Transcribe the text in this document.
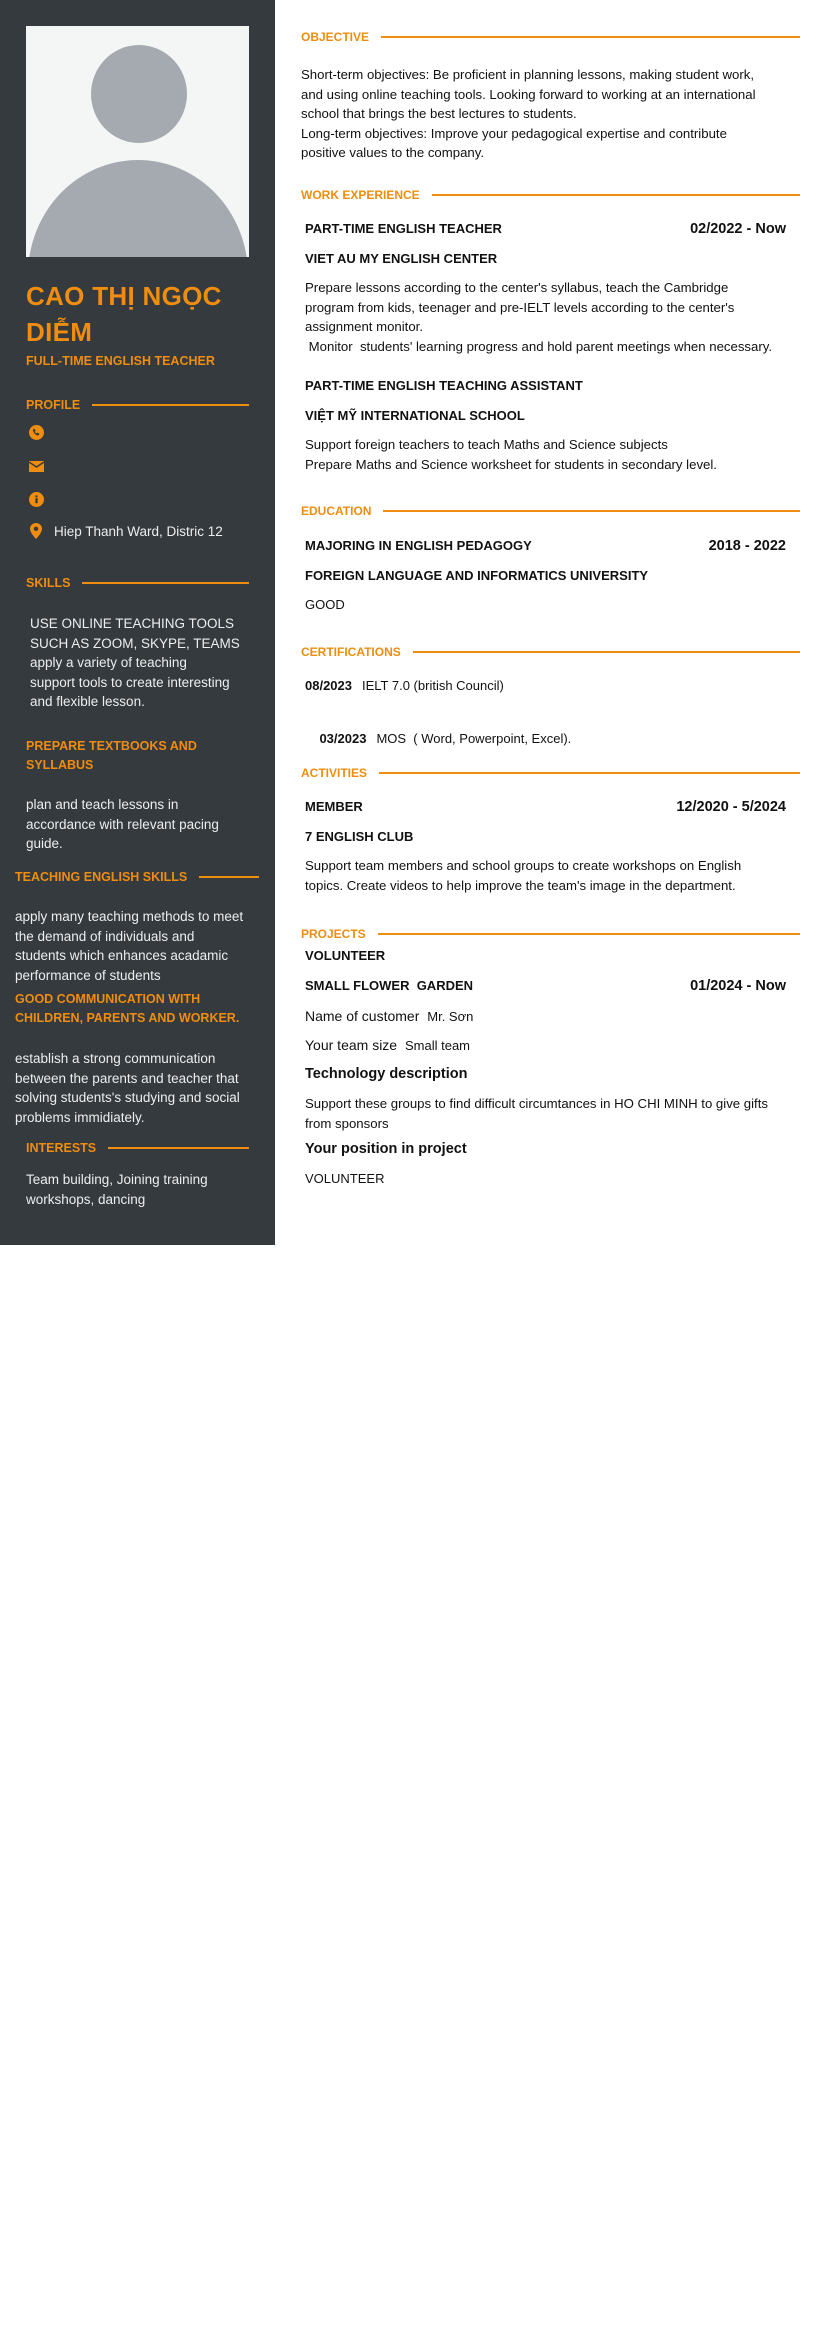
CAO THỊ NGỌC
DIỄM
FULL-TIME ENGLISH TEACHER
PROFILE
Hiep Thanh Ward, Distric 12
SKILLS
USE ONLINE TEACHING TOOLS
SUCH AS ZOOM, SKYPE, TEAMS
apply a variety of teaching
support tools to create interesting
and flexible lesson.
PREPARE TEXTBOOKS AND
SYLLABUS
plan and teach lessons in
accordance with relevant pacing
guide.
TEACHING ENGLISH SKILLS
apply many teaching methods to meet
the demand of individuals and
students which enhances acadamic
performance of students
GOOD COMMUNICATION WITH
CHILDREN, PARENTS AND WORKER.
establish a strong communication
between the parents and teacher that
solving students's studying and social
problems immidiately.
INTERESTS
Team building, Joining training
workshops, dancing
OBJECTIVE
Short-term objectives: Be proficient in planning lessons, making student work,
and using online teaching tools. Looking forward to working at an international
school that brings the best lectures to students.
Long-term objectives: Improve your pedagogical expertise and contribute
positive values to the company.
WORK EXPERIENCE
PART-TIME ENGLISH TEACHER	02/2022 - Now
VIET AU MY ENGLISH CENTER
Prepare lessons according to the center's syllabus, teach the Cambridge
program from kids, teenager and pre-IELT levels according to the center's
assignment monitor.
Monitor  students' learning progress and hold parent meetings when necessary.
PART-TIME ENGLISH TEACHING ASSISTANT
VIỆT MỸ INTERNATIONAL SCHOOL
Support foreign teachers to teach Maths and Science subjects
Prepare Maths and Science worksheet for students in secondary level.
EDUCATION
MAJORING IN ENGLISH PEDAGOGY	2018 - 2022
FOREIGN LANGUAGE AND INFORMATICS UNIVERSITY
GOOD
CERTIFICATIONS
08/2023 IELT 7.0 (british Council)

03/2023 MOS  ( Word, Powerpoint, Excel).

ACTIVITIES
MEMBER	12/2020 - 5/2024
7 ENGLISH CLUB
Support team members and school groups to create workshops on English
topics. Create videos to help improve the team's image in the department.
PROJECTS
VOLUNTEER
SMALL FLOWER  GARDEN	01/2024 - Now
Name of customer Mr. Sơn
Your team size Small team
Technology description
Support these groups to find difficult circumtances in HO CHI MINH to give gifts
from sponsors
Your position in project
VOLUNTEER
